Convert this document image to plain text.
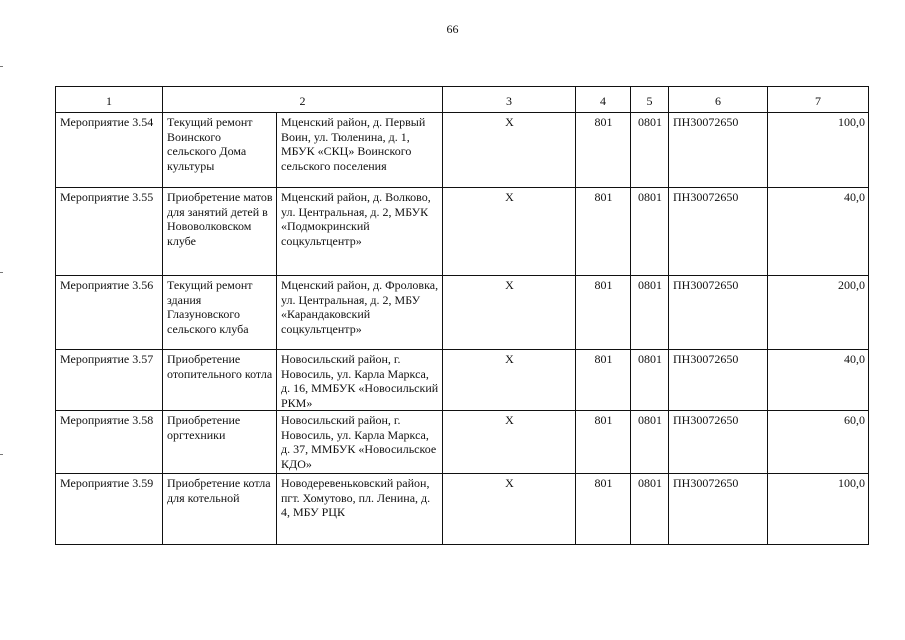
66
1	2		3	4	5	6	7
Мероприятие 3.54	Текущий ремонт Воинского сельского Дома культуры	Мценский район, д. Первый Воин, ул. Тюленина, д. 1, МБУК «СКЦ» Воинского сельского поселения	Х	801	0801	ПН30072650	100,0
Мероприятие 3.55	Приобретение матов для занятий детей в Нововолковском клубе	Мценский район, д. Волково, ул. Центральная, д. 2, МБУК «Подмокринский соцкультцентр»	Х	801	0801	ПН30072650	40,0
Мероприятие 3.56	Текущий ремонт здания Глазуновского сельского клуба	Мценский район, д. Фроловка, ул. Центральная, д. 2, МБУ «Карандаковский соцкультцентр»	Х	801	0801	ПН30072650	200,0
Мероприятие 3.57	Приобретение отопительного котла	Новосильский район, г. Новосиль, ул. Карла Маркса, д. 16, ММБУК «Новосильский РКМ»	Х	801	0801	ПН30072650	40,0
Мероприятие 3.58	Приобретение оргтехники	Новосильский район, г. Новосиль, ул. Карла Маркса, д. 37, ММБУК «Новосильское КДО»	Х	801	0801	ПН30072650	60,0
Мероприятие 3.59	Приобретение котла для котельной	Новодеревеньковский район, пгт. Хомутово, пл. Ленина, д. 4, МБУ РЦК	Х	801	0801	ПН30072650	100,0
